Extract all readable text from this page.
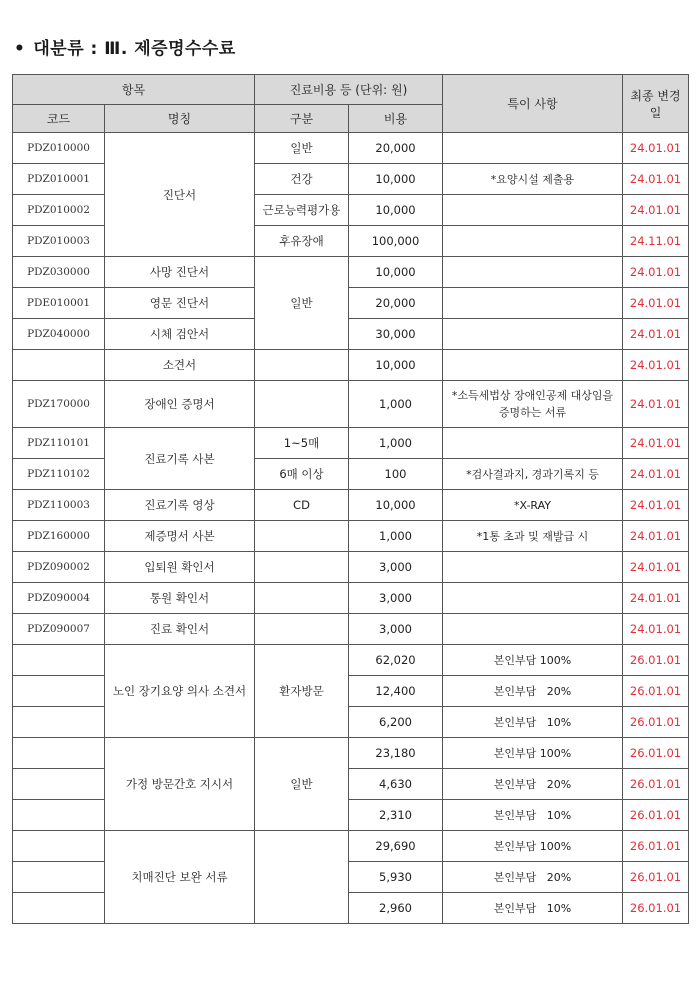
• 대분류 : Ⅲ. 제증명수수료
항목		진료비용 등 (단위: 원)		특이 사항	최종 변경일
코드	명칭	구분	비용		
PDZ010000	진단서	일반	20,000		24.01.01
PDZ010001		건강	10,000	*요양시설 제출용	24.01.01
PDZ010002		근로능력평가용	10,000		24.01.01
PDZ010003		후유장애	100,000		24.11.01
PDZ030000	사망 진단서	일반	10,000		24.01.01
PDE010001	영문 진단서		20,000		24.01.01
PDZ040000	시체 검안서		30,000		24.01.01
	소견서		10,000		24.01.01
PDZ170000	장애인 증명서		1,000	*소득세법상 장애인공제 대상임을 증명하는 서류	24.01.01
PDZ110101	진료기록 사본	1~5매	1,000		24.01.01
PDZ110102		6매 이상	100	*검사결과지, 경과기록지 등	24.01.01
PDZ110003	진료기록 영상	CD	10,000	*X-RAY	24.01.01
PDZ160000	제증명서 사본		1,000	*1통 초과 및 재발급 시	24.01.01
PDZ090002	입퇴원 확인서		3,000		24.01.01
PDZ090004	통원 확인서		3,000		24.01.01
PDZ090007	진료 확인서		3,000		24.01.01
	노인 장기요양 의사 소견서	환자방문	62,020	본인부담 100%	26.01.01
			12,400	본인부담   20%	26.01.01
			6,200	본인부담   10%	26.01.01
	가정 방문간호 지시서	일반	23,180	본인부담 100%	26.01.01
			4,630	본인부담   20%	26.01.01
			2,310	본인부담   10%	26.01.01
	치매진단 보완 서류		29,690	본인부담 100%	26.01.01
			5,930	본인부담   20%	26.01.01
			2,960	본인부담   10%	26.01.01
